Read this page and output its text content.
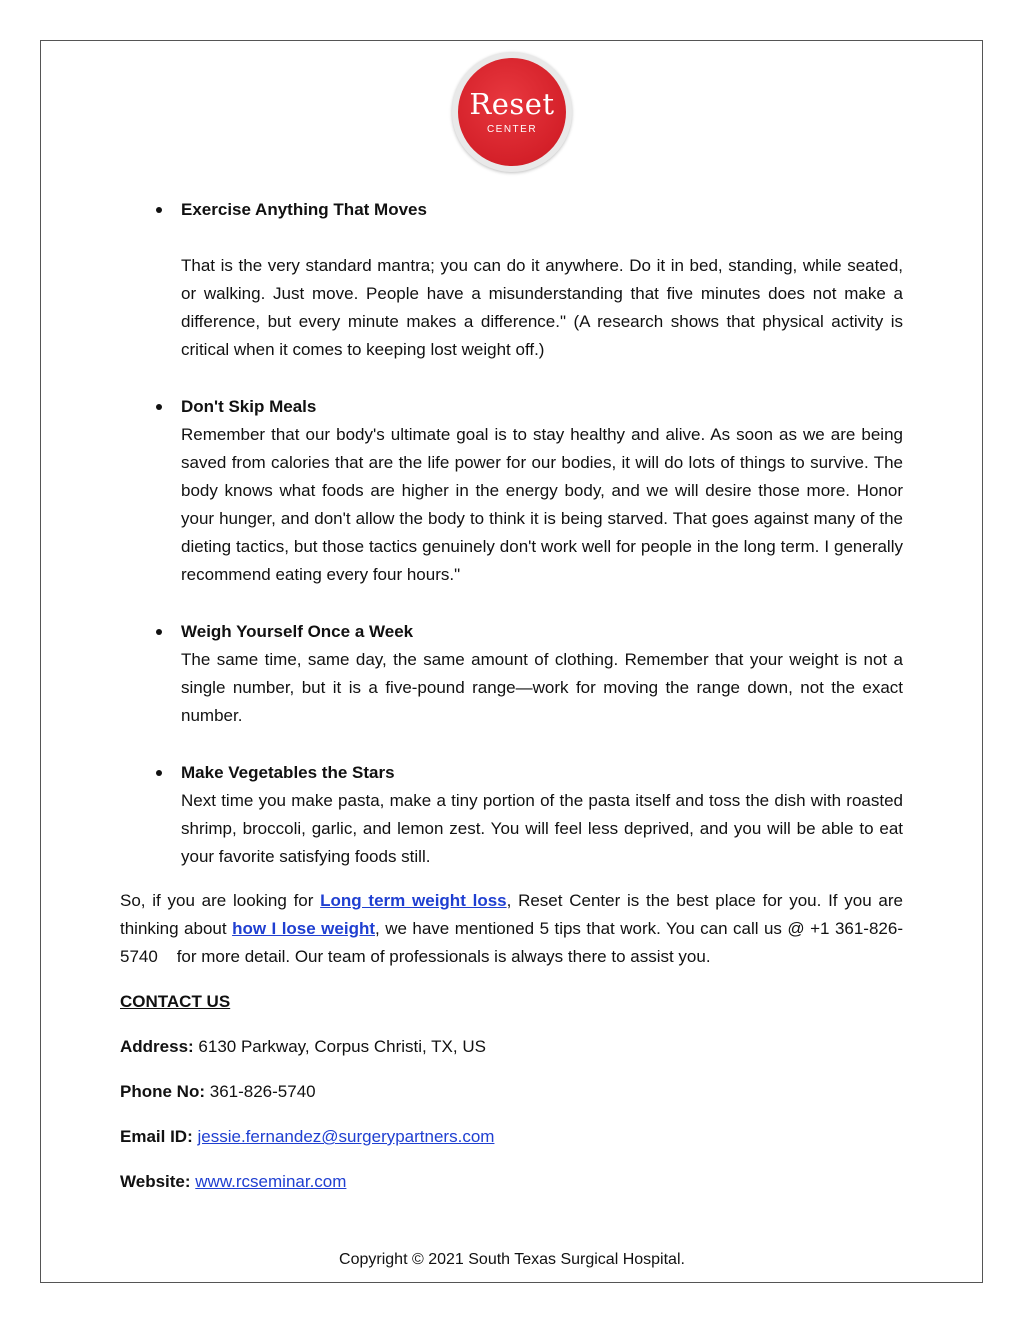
Reset
CENTER

Exercise Anything That Moves

That is the very standard mantra; you can do it anywhere. Do it in bed, standing, while seated, or walking. Just move. People have a misunderstanding that five minutes does not make a difference, but every minute makes a difference." (A research shows that physical activity is critical when it comes to keeping lost weight off.)

Don't Skip Meals

Remember that our body's ultimate goal is to stay healthy and alive. As soon as we are being saved from calories that are the life power for our bodies, it will do lots of things to survive. The body knows what foods are higher in the energy body, and we will desire those more. Honor your hunger, and don't allow the body to think it is being starved. That goes against many of the dieting tactics, but those tactics genuinely don't work well for people in the long term. I generally recommend eating every four hours."

Weigh Yourself Once a Week

The same time, same day, the same amount of clothing. Remember that your weight is not a single number, but it is a five-pound range—work for moving the range down, not the exact number.

Make Vegetables the Stars

Next time you make pasta, make a tiny portion of the pasta itself and toss the dish with roasted shrimp, broccoli, garlic, and lemon zest. You will feel less deprived, and you will be able to eat your favorite satisfying foods still.

So, if you are looking for Long term weight loss, Reset Center is the best place for you. If you are thinking about how I lose weight, we have mentioned 5 tips that work. You can call us @ +1 361-826-5740    for more detail. Our team of professionals is always there to assist you.

CONTACT US

Address: 6130 Parkway, Corpus Christi, TX, US

Phone No: 361-826-5740

Email ID: jessie.fernandez@surgerypartners.com

Website: www.rcseminar.com

Copyright © 2021 South Texas Surgical Hospital.
